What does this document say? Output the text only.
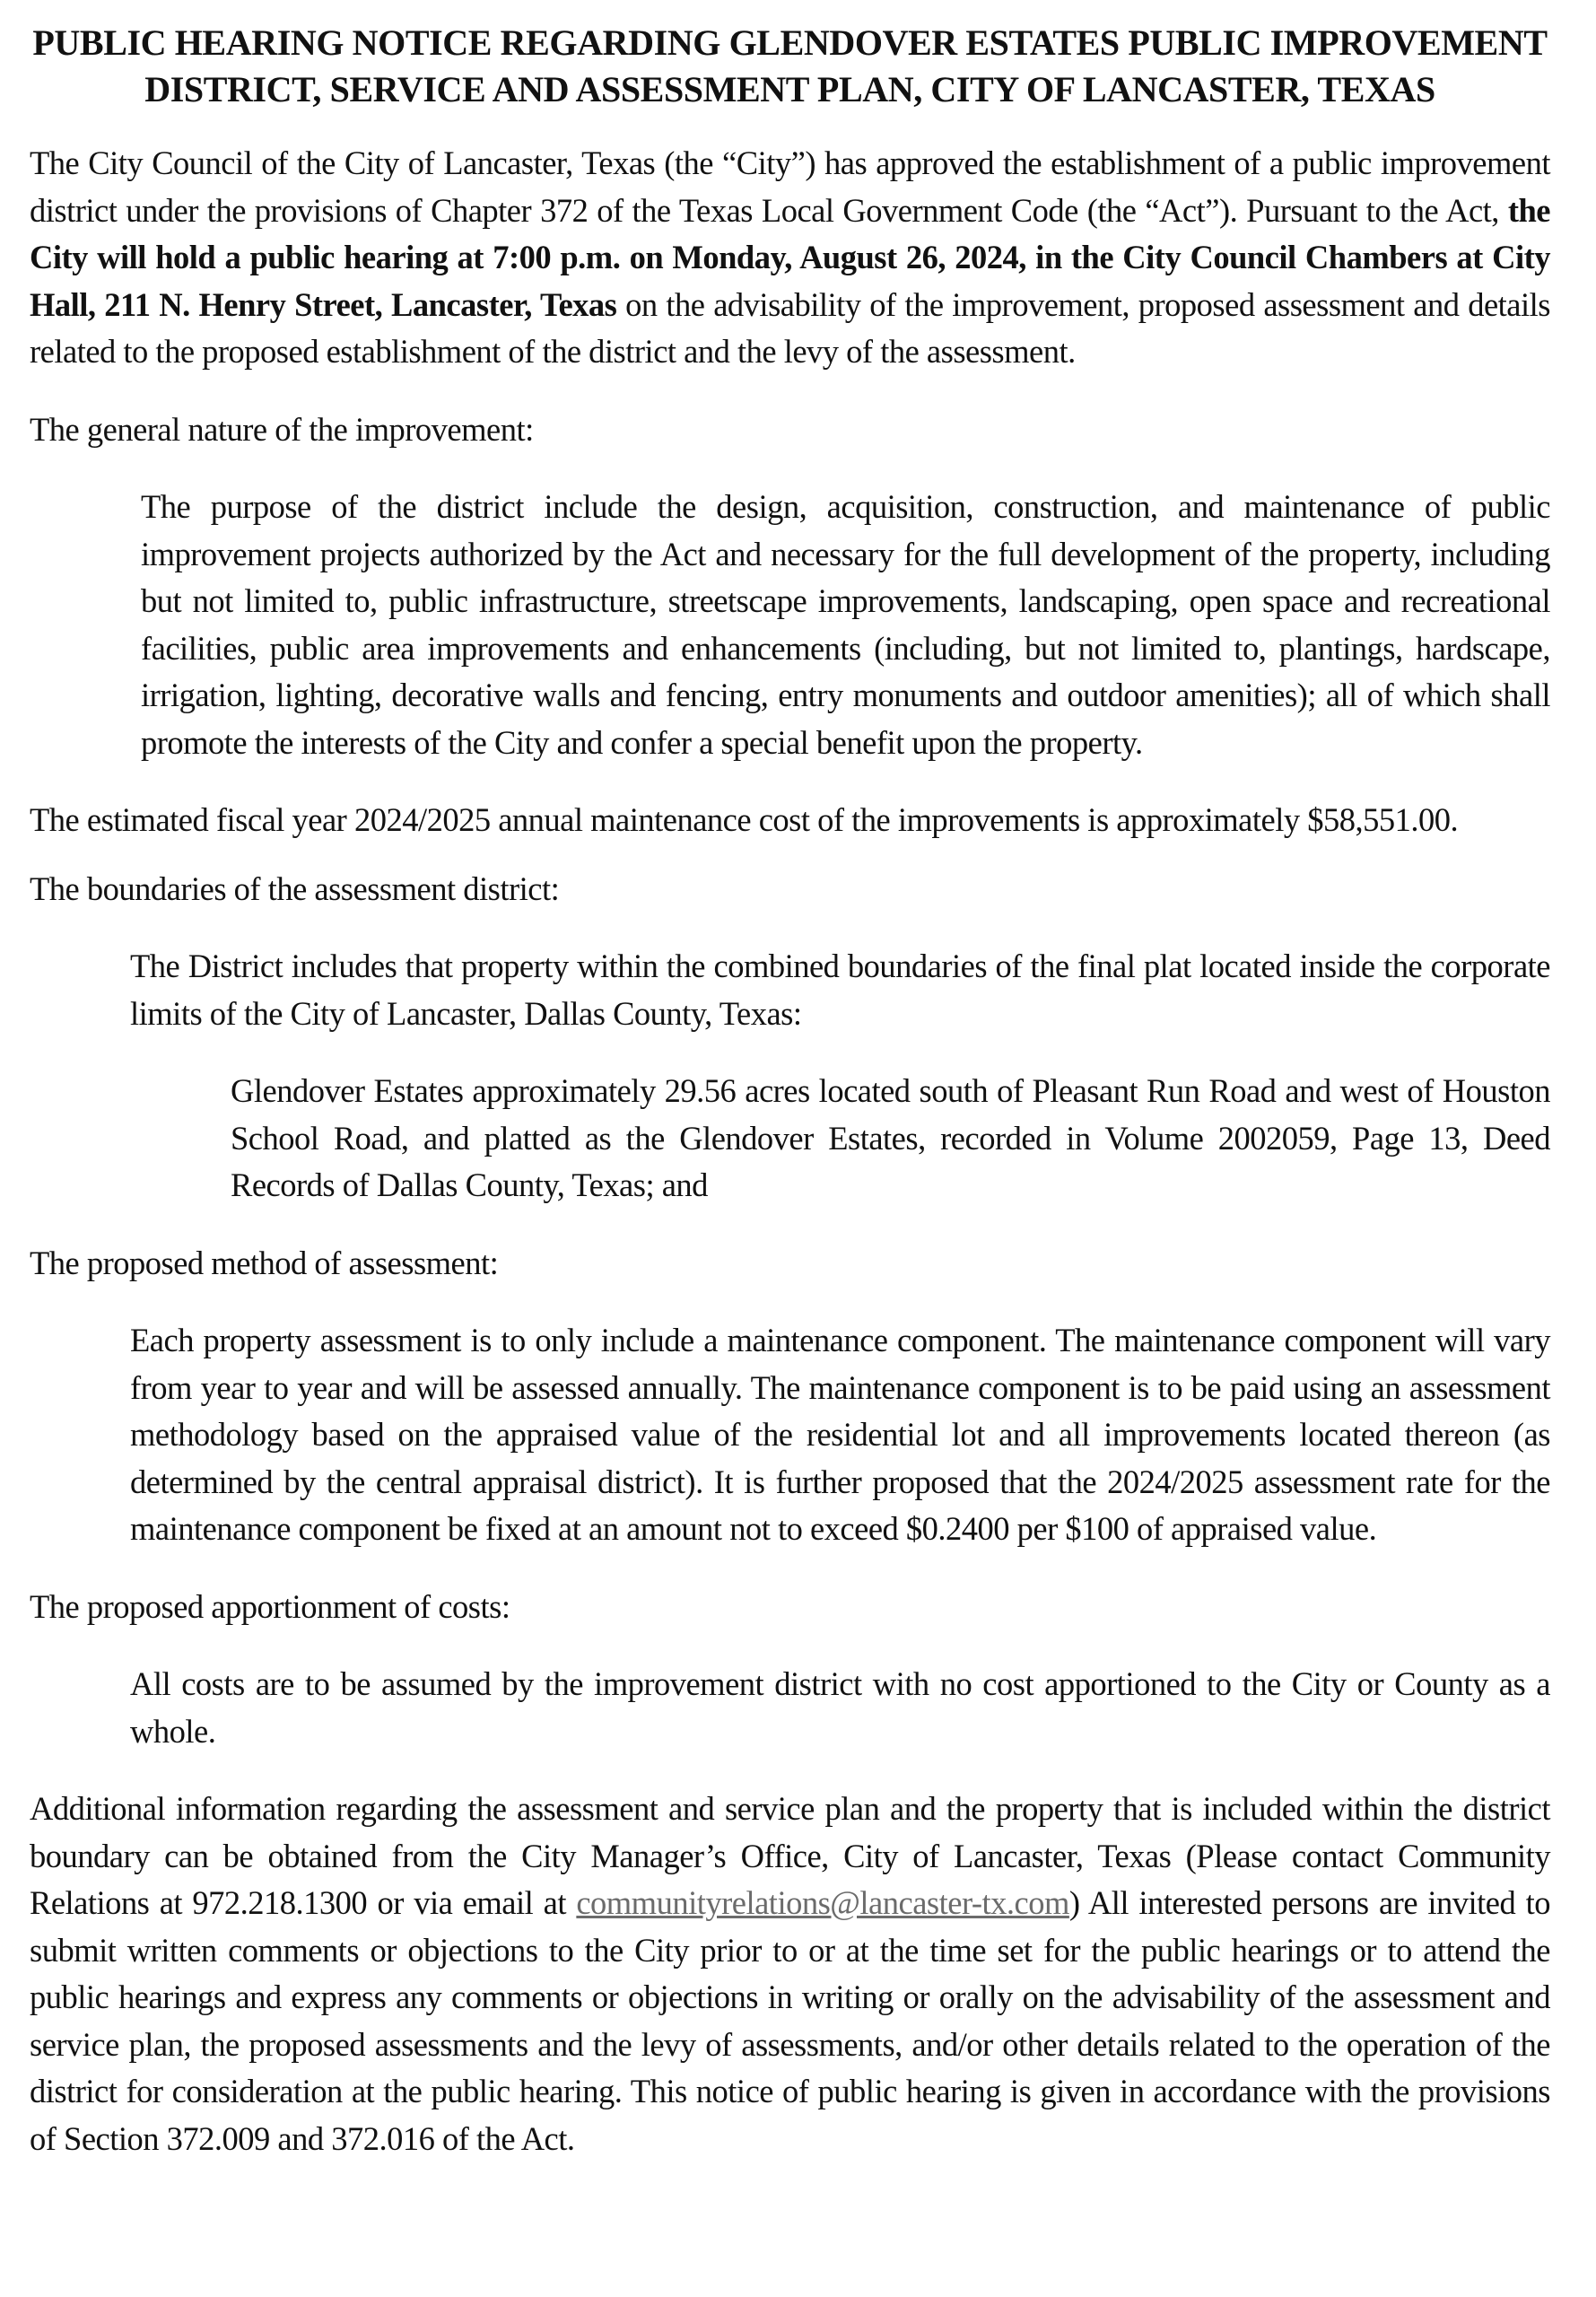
PUBLIC HEARING NOTICE REGARDING GLENDOVER ESTATES PUBLIC IMPROVEMENT
DISTRICT, SERVICE AND ASSESSMENT PLAN, CITY OF LANCASTER, TEXAS

The City Council of the City of Lancaster, Texas (the “City”) has approved the establishment of a public improvement district under the provisions of Chapter 372 of the Texas Local Government Code (the “Act”). Pursuant to the Act, the City will hold a public hearing at 7:00 p.m. on Monday, August 26, 2024, in the City Council Chambers at City Hall, 211 N. Henry Street, Lancaster, Texas on the advisability of the improvement, proposed assessment and details related to the proposed establishment of the district and the levy of the assessment.

The general nature of the improvement:

The purpose of the district include the design, acquisition, construction, and maintenance of public improvement projects authorized by the Act and necessary for the full development of the property, including but not limited to, public infrastructure, streetscape improvements, landscaping, open space and recreational facilities, public area improvements and enhancements (including, but not limited to, plantings, hardscape, irrigation, lighting, decorative walls and fencing, entry monuments and outdoor amenities); all of which shall promote the interests of the City and confer a special benefit upon the property.

The estimated fiscal year 2024/2025 annual maintenance cost of the improvements is approximately $58,551.00.

The boundaries of the assessment district:

The District includes that property within the combined boundaries of the final plat located inside the corporate limits of the City of Lancaster, Dallas County, Texas:

Glendover Estates approximately 29.56 acres located south of Pleasant Run Road and west of Houston School Road, and platted as the Glendover Estates, recorded in Volume 2002059, Page 13, Deed Records of Dallas County, Texas; and

The proposed method of assessment:

Each property assessment is to only include a maintenance component. The maintenance component will vary from year to year and will be assessed annually. The maintenance component is to be paid using an assessment methodology based on the appraised value of the residential lot and all improvements located thereon (as determined by the central appraisal district). It is further proposed that the 2024/2025 assessment rate for the maintenance component be fixed at an amount not to exceed $0.2400 per $100 of appraised value.

The proposed apportionment of costs:

All costs are to be assumed by the improvement district with no cost apportioned to the City or County as a whole.

Additional information regarding the assessment and service plan and the property that is included within the district boundary can be obtained from the City Manager’s Office, City of Lancaster, Texas (Please contact Community Relations at 972.218.1300 or via email at communityrelations@lancaster-tx.com) All interested persons are invited to submit written comments or objections to the City prior to or at the time set for the public hearings or to attend the public hearings and express any comments or objections in writing or orally on the advisability of the assessment and service plan, the proposed assessments and the levy of assessments, and/or other details related to the operation of the district for consideration at the public hearing. This notice of public hearing is given in accordance with the provisions of Section 372.009 and 372.016 of the Act.
